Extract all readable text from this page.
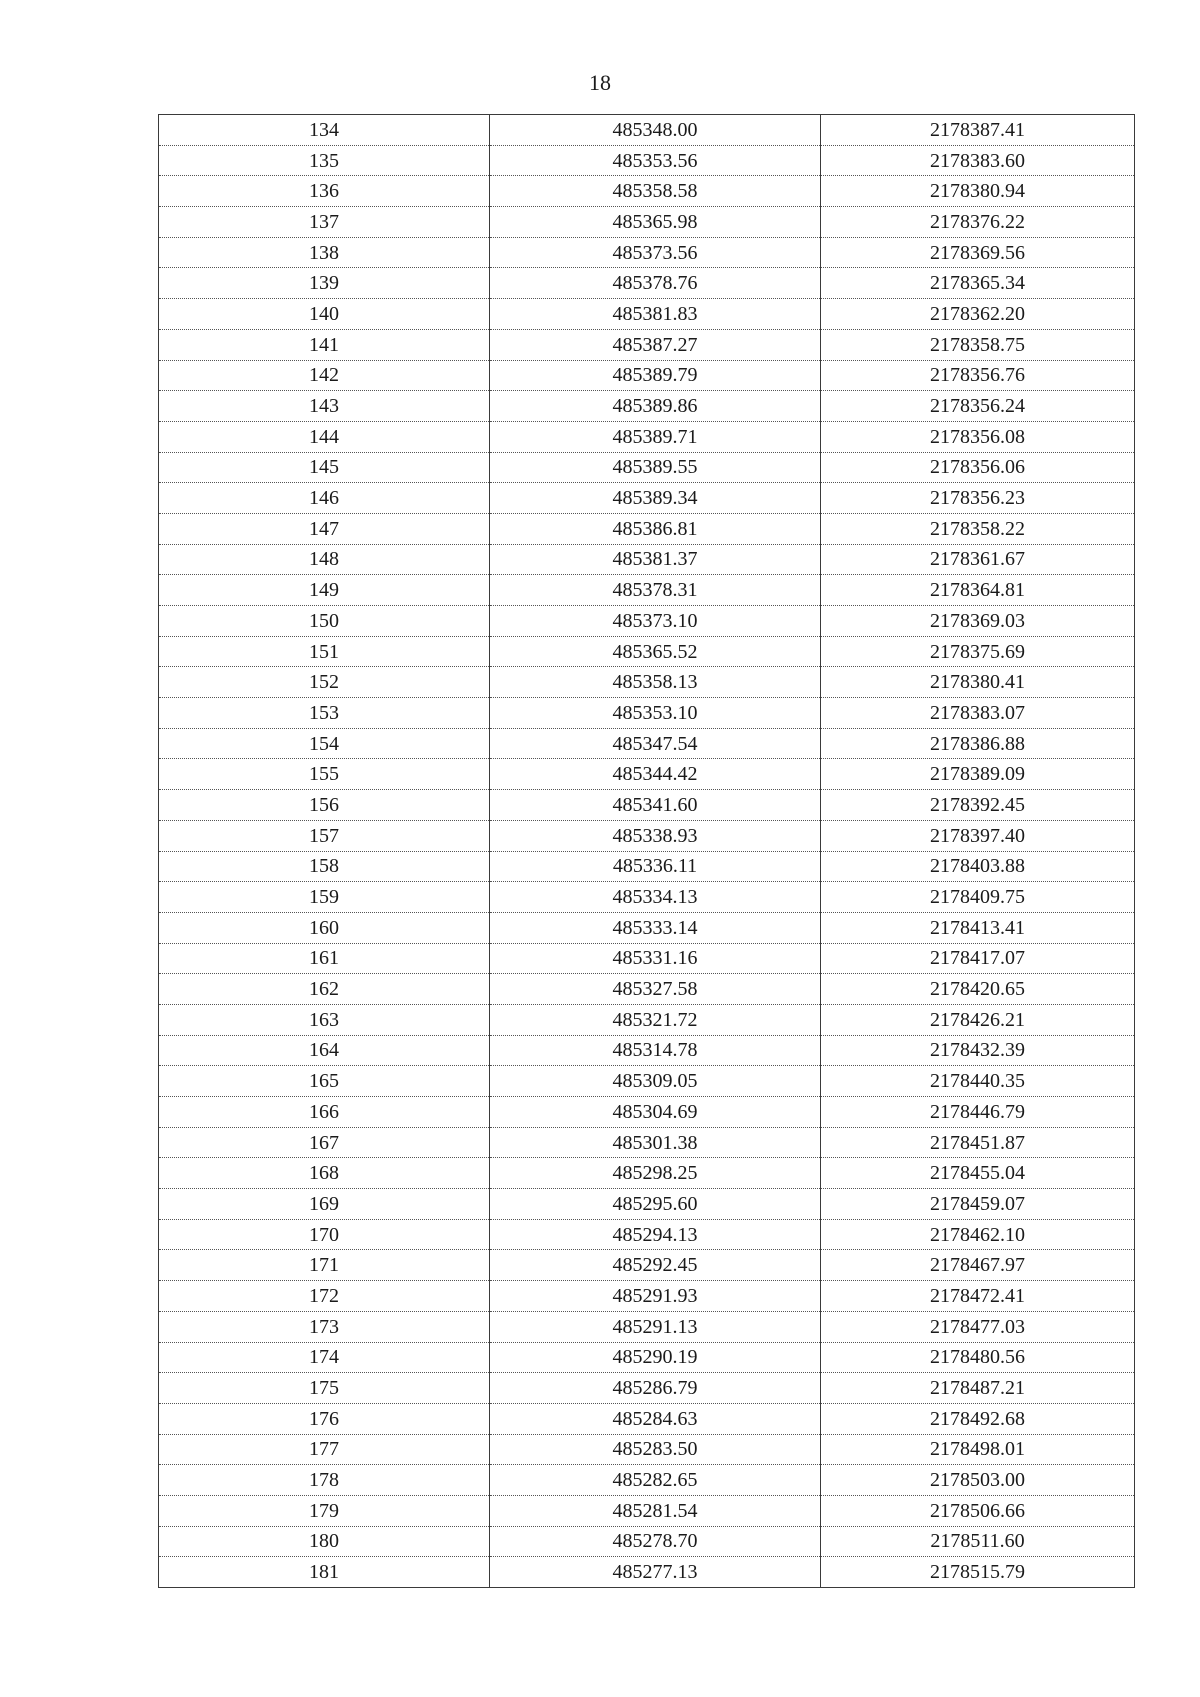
18
134	485348.00	2178387.41
135	485353.56	2178383.60
136	485358.58	2178380.94
137	485365.98	2178376.22
138	485373.56	2178369.56
139	485378.76	2178365.34
140	485381.83	2178362.20
141	485387.27	2178358.75
142	485389.79	2178356.76
143	485389.86	2178356.24
144	485389.71	2178356.08
145	485389.55	2178356.06
146	485389.34	2178356.23
147	485386.81	2178358.22
148	485381.37	2178361.67
149	485378.31	2178364.81
150	485373.10	2178369.03
151	485365.52	2178375.69
152	485358.13	2178380.41
153	485353.10	2178383.07
154	485347.54	2178386.88
155	485344.42	2178389.09
156	485341.60	2178392.45
157	485338.93	2178397.40
158	485336.11	2178403.88
159	485334.13	2178409.75
160	485333.14	2178413.41
161	485331.16	2178417.07
162	485327.58	2178420.65
163	485321.72	2178426.21
164	485314.78	2178432.39
165	485309.05	2178440.35
166	485304.69	2178446.79
167	485301.38	2178451.87
168	485298.25	2178455.04
169	485295.60	2178459.07
170	485294.13	2178462.10
171	485292.45	2178467.97
172	485291.93	2178472.41
173	485291.13	2178477.03
174	485290.19	2178480.56
175	485286.79	2178487.21
176	485284.63	2178492.68
177	485283.50	2178498.01
178	485282.65	2178503.00
179	485281.54	2178506.66
180	485278.70	2178511.60
181	485277.13	2178515.79
